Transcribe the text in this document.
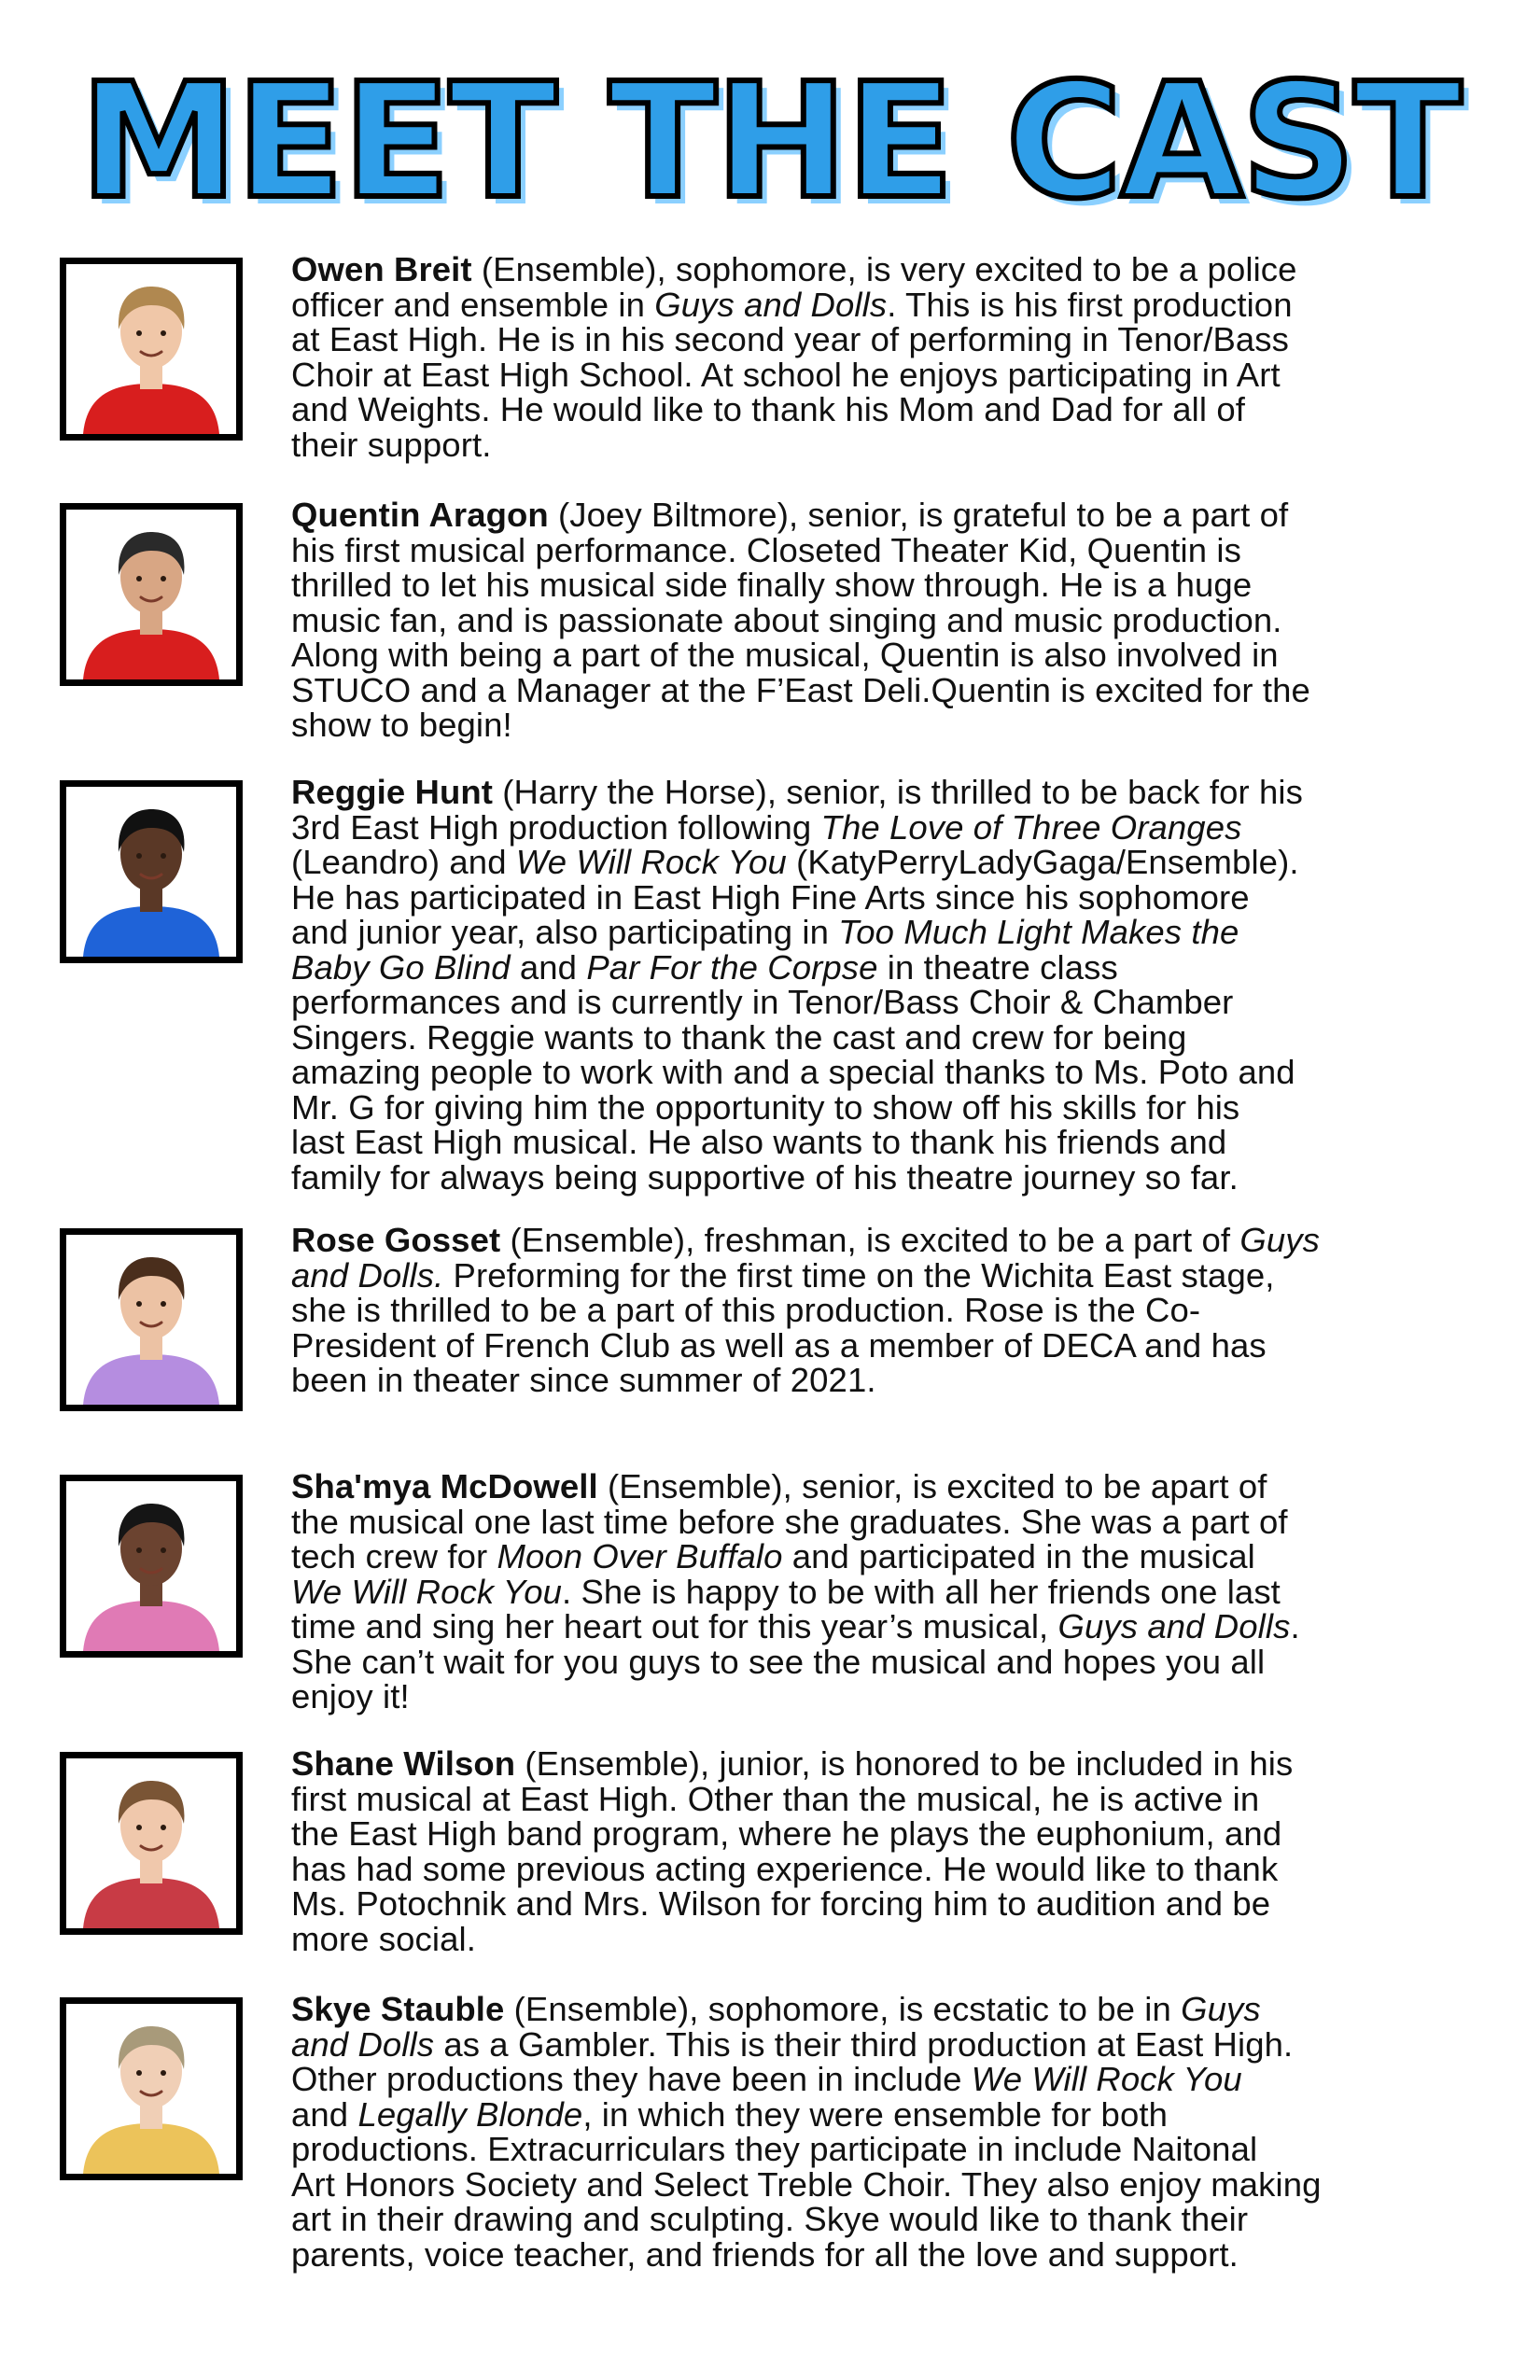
MEET THE CAST
Owen Breit (Ensemble), sophomore, is very excited to be a police
officer and ensemble in Guys and Dolls. This is his first production
at East High. He is in his second year of performing in Tenor/Bass
Choir at East High School. At school he enjoys participating in Art
and Weights. He would like to thank his Mom and Dad for all of
their support.
Quentin Aragon (Joey Biltmore), senior, is grateful to be a part of
his first musical performance. Closeted Theater Kid, Quentin is
thrilled to let his musical side finally show through. He is a huge
music fan, and is passionate about singing and music production.
Along with being a part of the musical, Quentin is also involved in
STUCO and a Manager at the F’East Deli.Quentin is excited for the
show to begin!
Reggie Hunt (Harry the Horse), senior, is thrilled to be back for his
3rd East High production following The Love of Three Oranges
(Leandro) and We Will Rock You (KatyPerryLadyGaga/Ensemble).
He has participated in East High Fine Arts since his sophomore
and junior year, also participating in Too Much Light Makes the
Baby Go Blind and Par For the Corpse in theatre class
performances and is currently in Tenor/Bass Choir & Chamber
Singers. Reggie wants to thank the cast and crew for being
amazing people to work with and a special thanks to Ms. Poto and
Mr. G for giving him the opportunity to show off his skills for his
last East High musical. He also wants to thank his friends and
family for always being supportive of his theatre journey so far.
Rose Gosset (Ensemble), freshman, is excited to be a part of Guys
and Dolls. Preforming for the first time on the Wichita East stage,
she is thrilled to be a part of this production. Rose is the Co-
President of French Club as well as a member of DECA and has
been in theater since summer of 2021.
Sha'mya McDowell (Ensemble), senior, is excited to be apart of
the musical one last time before she graduates. She was a part of
tech crew for Moon Over Buffalo and participated in the musical
We Will Rock You. She is happy to be with all her friends one last
time and sing her heart out for this year’s musical, Guys and Dolls.
She can’t wait for you guys to see the musical and hopes you all
enjoy it!
Shane Wilson (Ensemble), junior, is honored to be included in his
first musical at East High. Other than the musical, he is active in
the East High band program, where he plays the euphonium, and
has had some previous acting experience. He would like to thank
Ms. Potochnik and Mrs. Wilson for forcing him to audition and be
more social.
Skye Stauble (Ensemble), sophomore, is ecstatic to be in Guys
and Dolls as a Gambler. This is their third production at East High.
Other productions they have been in include We Will Rock You
and Legally Blonde, in which they were ensemble for both
productions. Extracurriculars they participate in include Naitonal
Art Honors Society and Select Treble Choir. They also enjoy making
art in their drawing and sculpting. Skye would like to thank their
parents, voice teacher, and friends for all the love and support.
